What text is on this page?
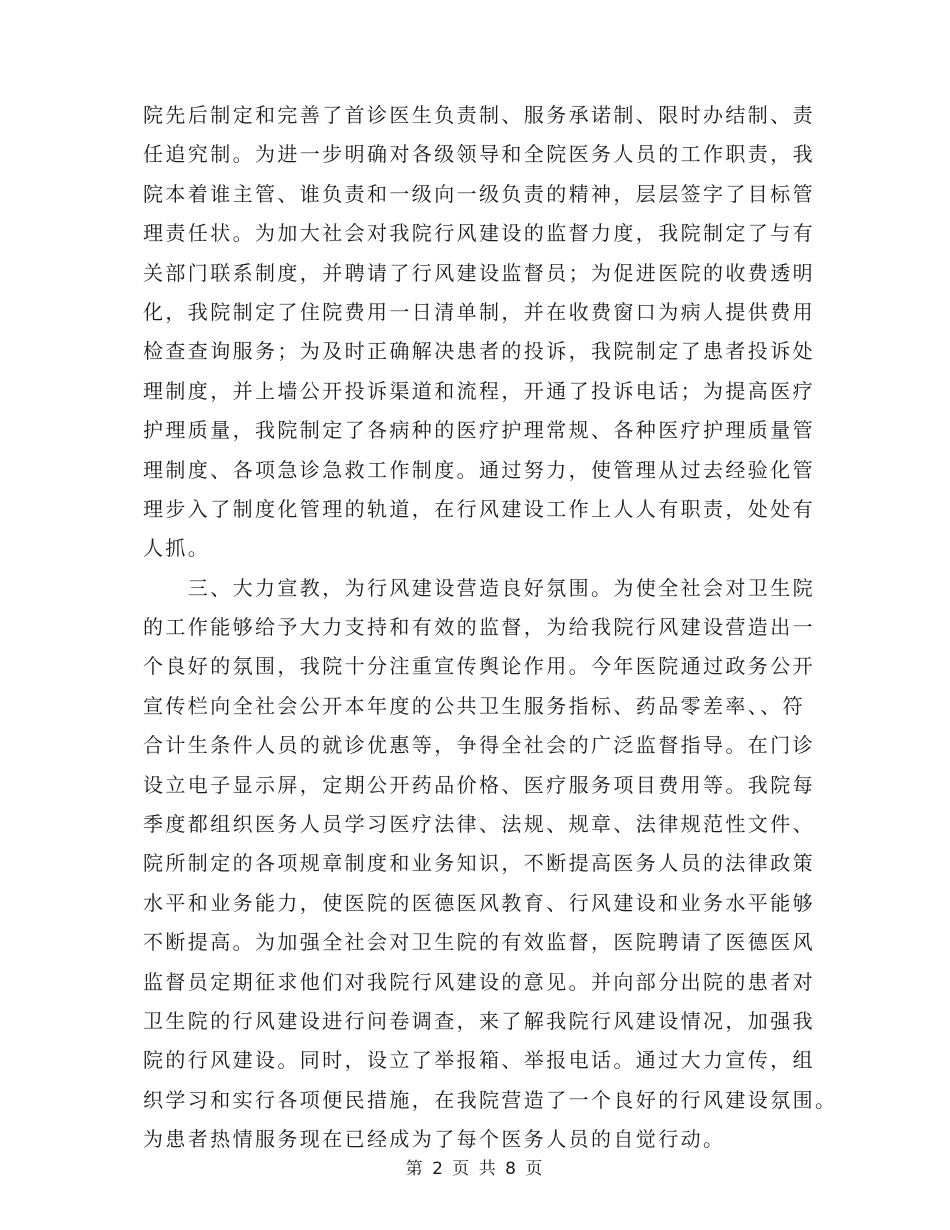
院先后制定和完善了首诊医生负责制、服务承诺制、限时办结制、责
任追究制。为进一步明确对各级领导和全院医务人员的工作职责，我
院本着谁主管、谁负责和一级向一级负责的精神，层层签字了目标管
理责任状。为加大社会对我院行风建设的监督力度，我院制定了与有
关部门联系制度，并聘请了行风建设监督员；为促进医院的收费透明
化，我院制定了住院费用一日清单制，并在收费窗口为病人提供费用
检查查询服务；为及时正确解决患者的投诉，我院制定了患者投诉处
理制度，并上墙公开投诉渠道和流程，开通了投诉电话；为提高医疗
护理质量，我院制定了各病种的医疗护理常规、各种医疗护理质量管
理制度、各项急诊急救工作制度。通过努力，使管理从过去经验化管
理步入了制度化管理的轨道，在行风建设工作上人人有职责，处处有
人抓。
　　三、大力宣教，为行风建设营造良好氛围。为使全社会对卫生院
的工作能够给予大力支持和有效的监督，为给我院行风建设营造出一
个良好的氛围，我院十分注重宣传舆论作用。今年医院通过政务公开
宣传栏向全社会公开本年度的公共卫生服务指标、药品零差率、、符
合计生条件人员的就诊优惠等，争得全社会的广泛监督指导。在门诊
设立电子显示屏，定期公开药品价格、医疗服务项目费用等。我院每
季度都组织医务人员学习医疗法律、法规、规章、法律规范性文件、
院所制定的各项规章制度和业务知识，不断提高医务人员的法律政策
水平和业务能力，使医院的医德医风教育、行风建设和业务水平能够
不断提高。为加强全社会对卫生院的有效监督，医院聘请了医德医风
监督员定期征求他们对我院行风建设的意见。并向部分出院的患者对
卫生院的行风建设进行问卷调查，来了解我院行风建设情况，加强我
院的行风建设。同时，设立了举报箱、举报电话。通过大力宣传，组
织学习和实行各项便民措施，在我院营造了一个良好的行风建设氛围。
为患者热情服务现在已经成为了每个医务人员的自觉行动。
第 2 页 共 8 页
